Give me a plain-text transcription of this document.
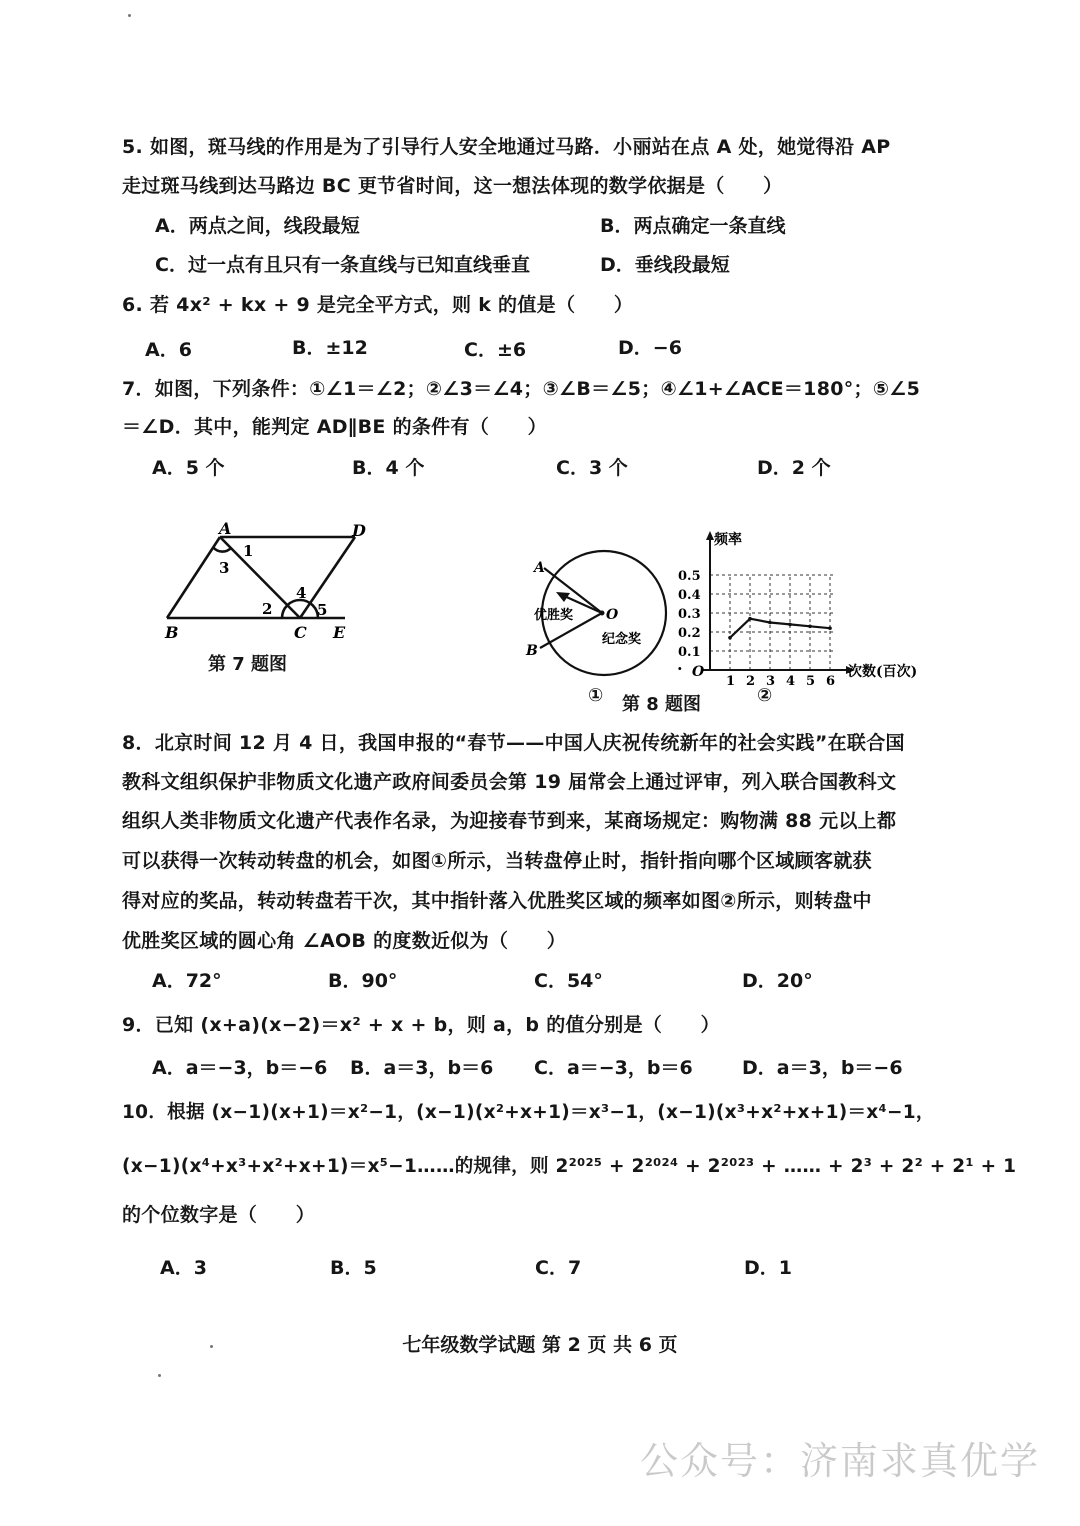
5. 如图，斑马线的作用是为了引导行人安全地通过马路．小丽站在点 A 处，她觉得沿 AP
走过斑马线到达马路边 BC 更节省时间，这一想法体现的数学依据是（　　）
A．两点之间，线段最短	B．两点确定一条直线
C．过一点有且只有一条直线与已知直线垂直	D．垂线段最短
6. 若 4x² + kx + 9 是完全平方式，则 k 的值是（　　）
A．6	B．±12	C．±6	D．−6
7．如图，下列条件：①∠1＝∠2；②∠3＝∠4；③∠B＝∠5；④∠1+∠ACE＝180°；⑤∠5
＝∠D．其中，能判定 AD∥BE 的条件有（　　）
A．5 个	B．4 个	C．3 个	D．2 个
A	D
B	C E
1
3
2
4
5
第 7 题图
A
B
O
优胜奖
纪念奖
0.1
0.2
0.3
0.4
0.5
1 2 3 4 5 6
频率
次数(百次)
O
·
① 第 8 题图	②
8．北京时间 12 月 4 日，我国申报的“春节——中国人庆祝传统新年的社会实践”在联合国
教科文组织保护非物质文化遗产政府间委员会第 19 届常会上通过评审，列入联合国教科文
组织人类非物质文化遗产代表作名录，为迎接春节到来，某商场规定：购物满 88 元以上都
可以获得一次转动转盘的机会，如图①所示，当转盘停止时，指针指向哪个区域顾客就获
得对应的奖品，转动转盘若干次，其中指针落入优胜奖区域的频率如图②所示，则转盘中
优胜奖区域的圆心角 ∠AOB 的度数近似为（　　）
A．72°	B．90°	C．54°	D．20°
9．已知 (x+a)(x−2)＝x² + x + b，则 a，b 的值分别是（　　）
A．a＝−3，b＝−6 B．a＝3，b＝6 C．a＝−3，b＝6	D．a＝3，b＝−6
10．根据 (x−1)(x+1)＝x²−1，(x−1)(x²+x+1)＝x³−1，(x−1)(x³+x²+x+1)＝x⁴−1，
(x−1)(x⁴+x³+x²+x+1)＝x⁵−1……的规律，则 2²⁰²⁵ + 2²⁰²⁴ + 2²⁰²³ + …… + 2³ + 2² + 2¹ + 1
的个位数字是（　　）
A．3	B．5	C．7	D．1
七年级数学试题 第 2 页 共 6 页
公众号：济南求真优学
